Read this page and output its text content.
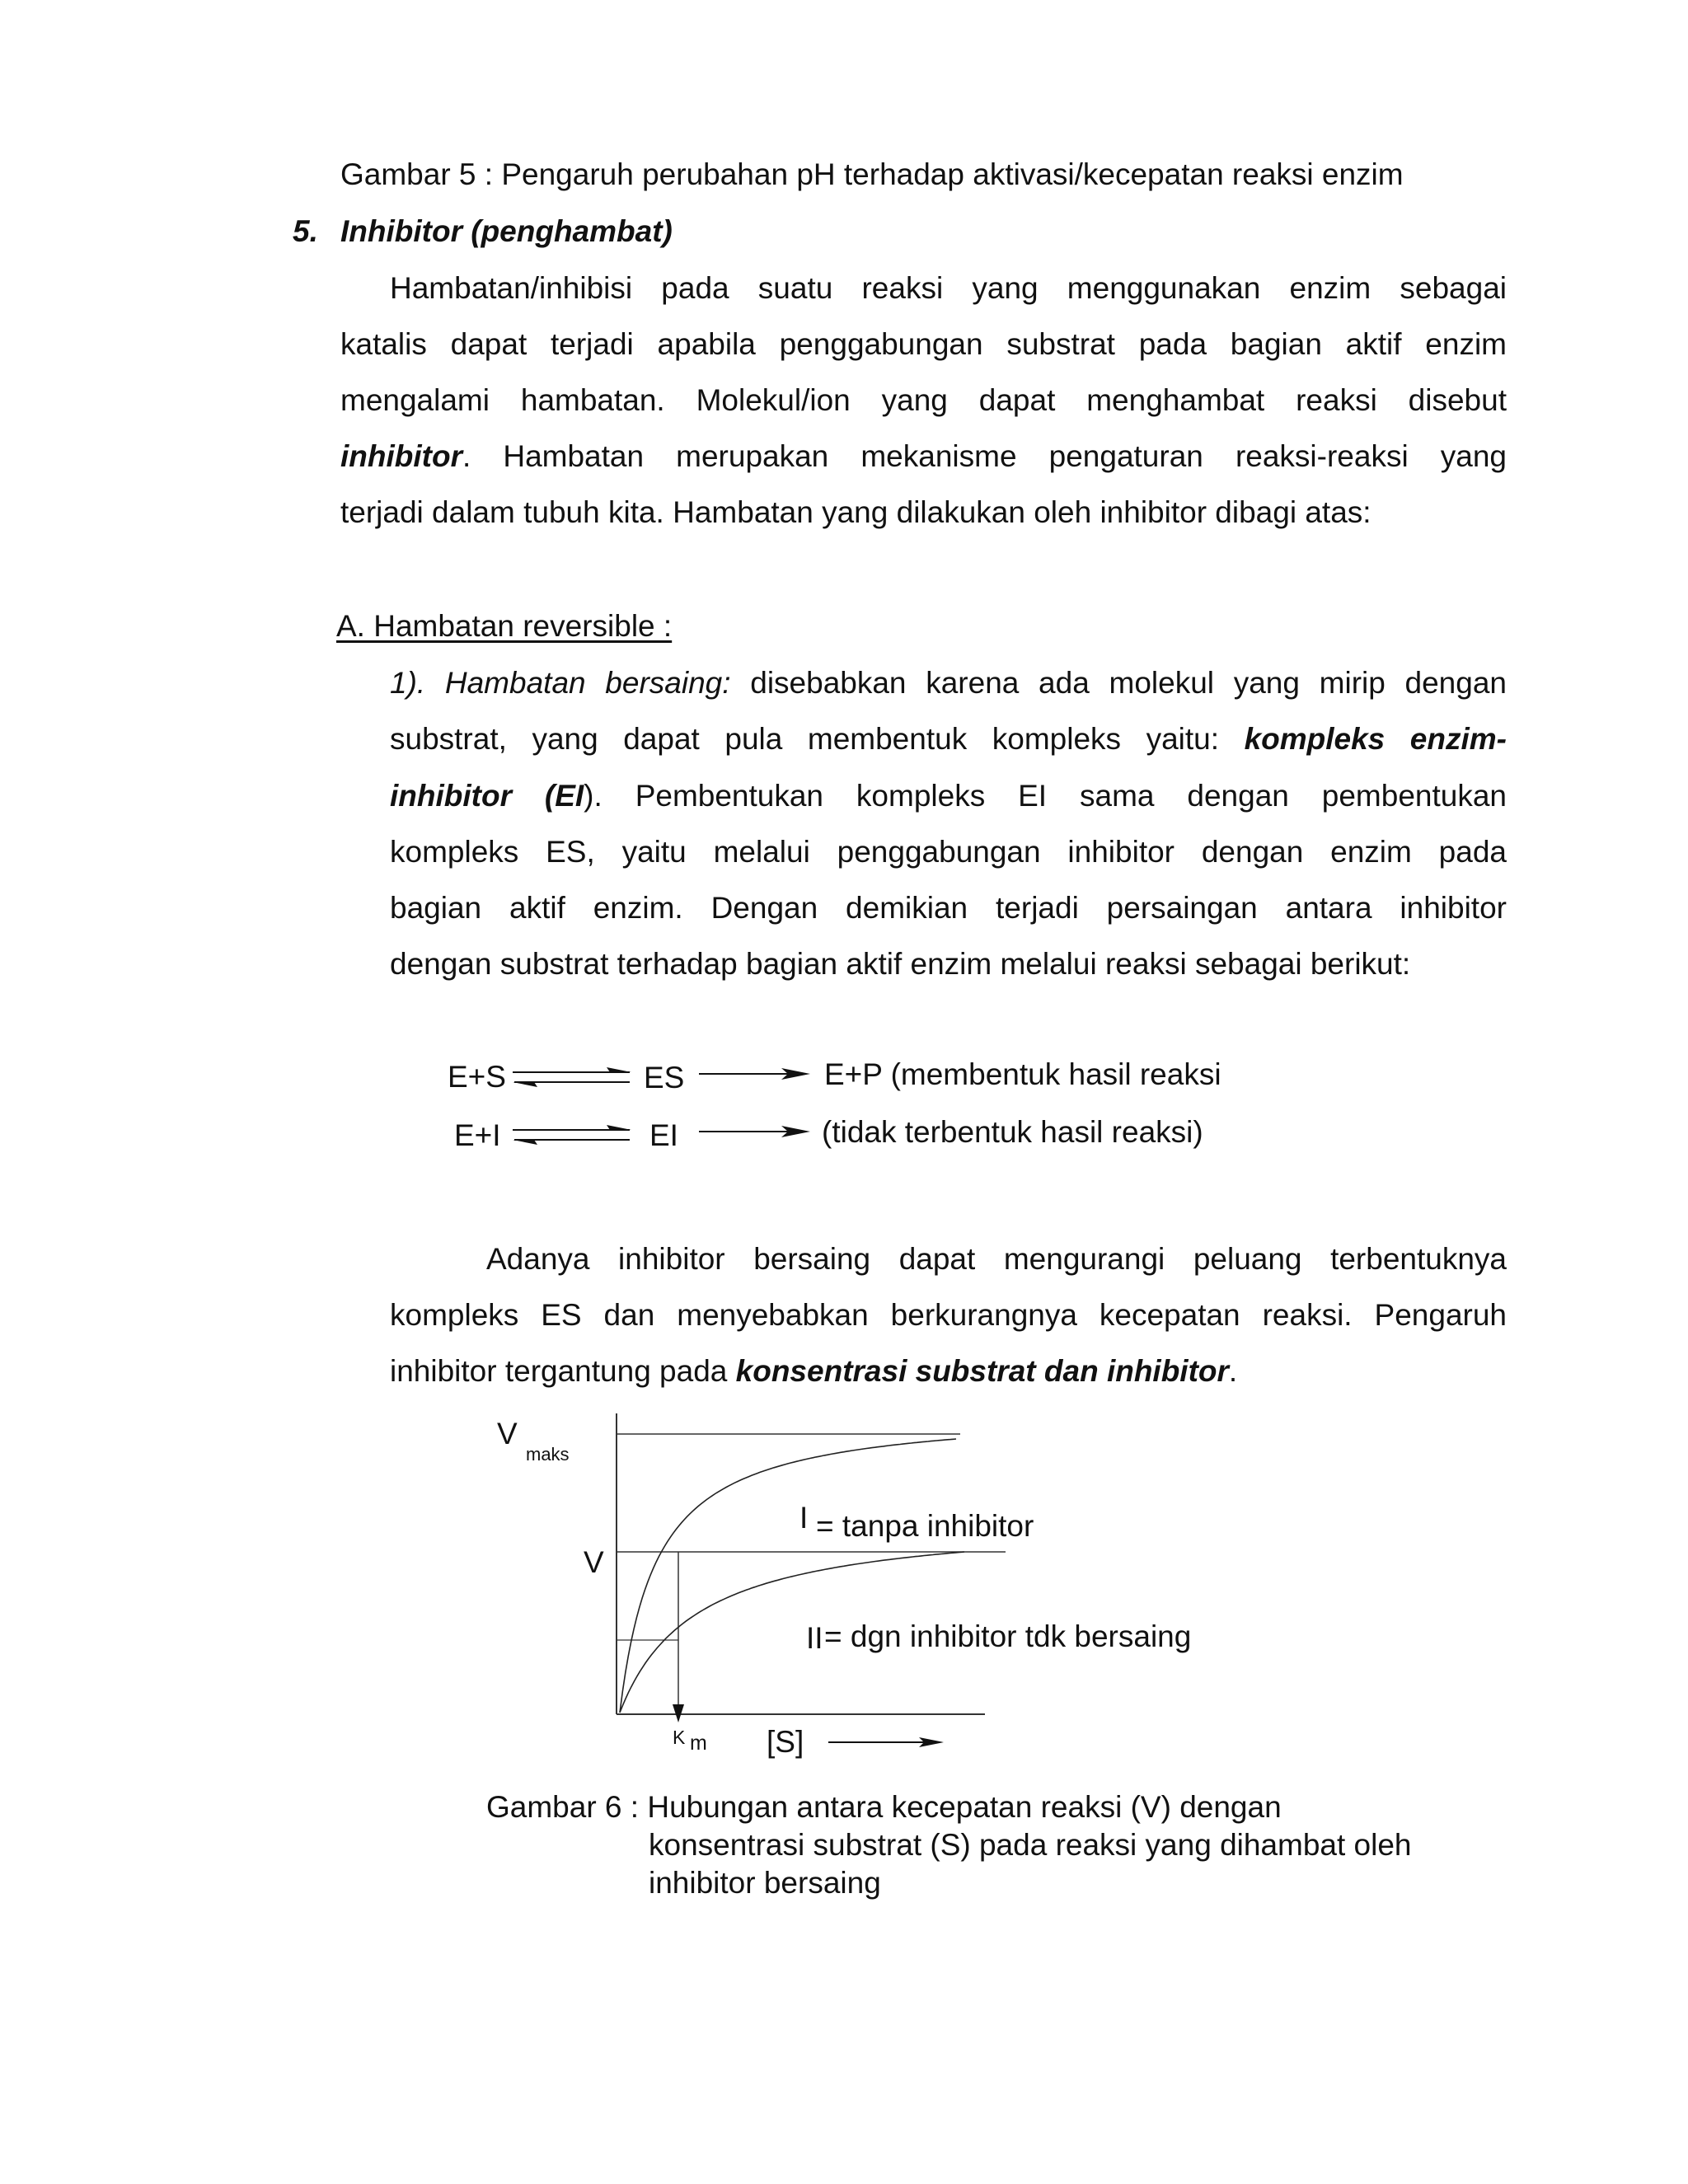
Gambar 5 : Pengaruh perubahan pH terhadap aktivasi/kecepatan reaksi enzim
5. Inhibitor (penghambat)
Hambatan/inhibisi pada suatu reaksi yang menggunakan enzim sebagai
katalis dapat terjadi apabila penggabungan substrat pada bagian aktif enzim
mengalami hambatan. Molekul/ion yang dapat menghambat reaksi disebut
inhibitor. Hambatan merupakan mekanisme pengaturan reaksi-reaksi yang
terjadi dalam tubuh kita. Hambatan yang dilakukan oleh inhibitor dibagi atas:
A. Hambatan reversible :
1). Hambatan bersaing: disebabkan karena ada molekul yang mirip dengan
substrat, yang dapat pula membentuk kompleks yaitu: kompleks enzim-
inhibitor (EI). Pembentukan kompleks EI sama dengan pembentukan
kompleks ES, yaitu melalui penggabungan inhibitor dengan enzim pada
bagian aktif enzim. Dengan demikian terjadi persaingan antara inhibitor
dengan substrat terhadap bagian aktif enzim melalui reaksi sebagai berikut:
E+S	ES	E+P (membentuk hasil reaksi
E+I	EI	(tidak terbentuk hasil reaksi)
Adanya inhibitor bersaing dapat mengurangi peluang terbentuknya
kompleks ES dan menyebabkan berkurangnya kecepatan reaksi. Pengaruh
inhibitor tergantung pada konsentrasi substrat dan inhibitor.
V
maks
V
I = tanpa inhibitor
II = dgn inhibitor tdk bersaing
K m [S]
Gambar 6 : Hubungan antara kecepatan reaksi (V) dengan
konsentrasi substrat (S) pada reaksi yang dihambat oleh
inhibitor bersaing
